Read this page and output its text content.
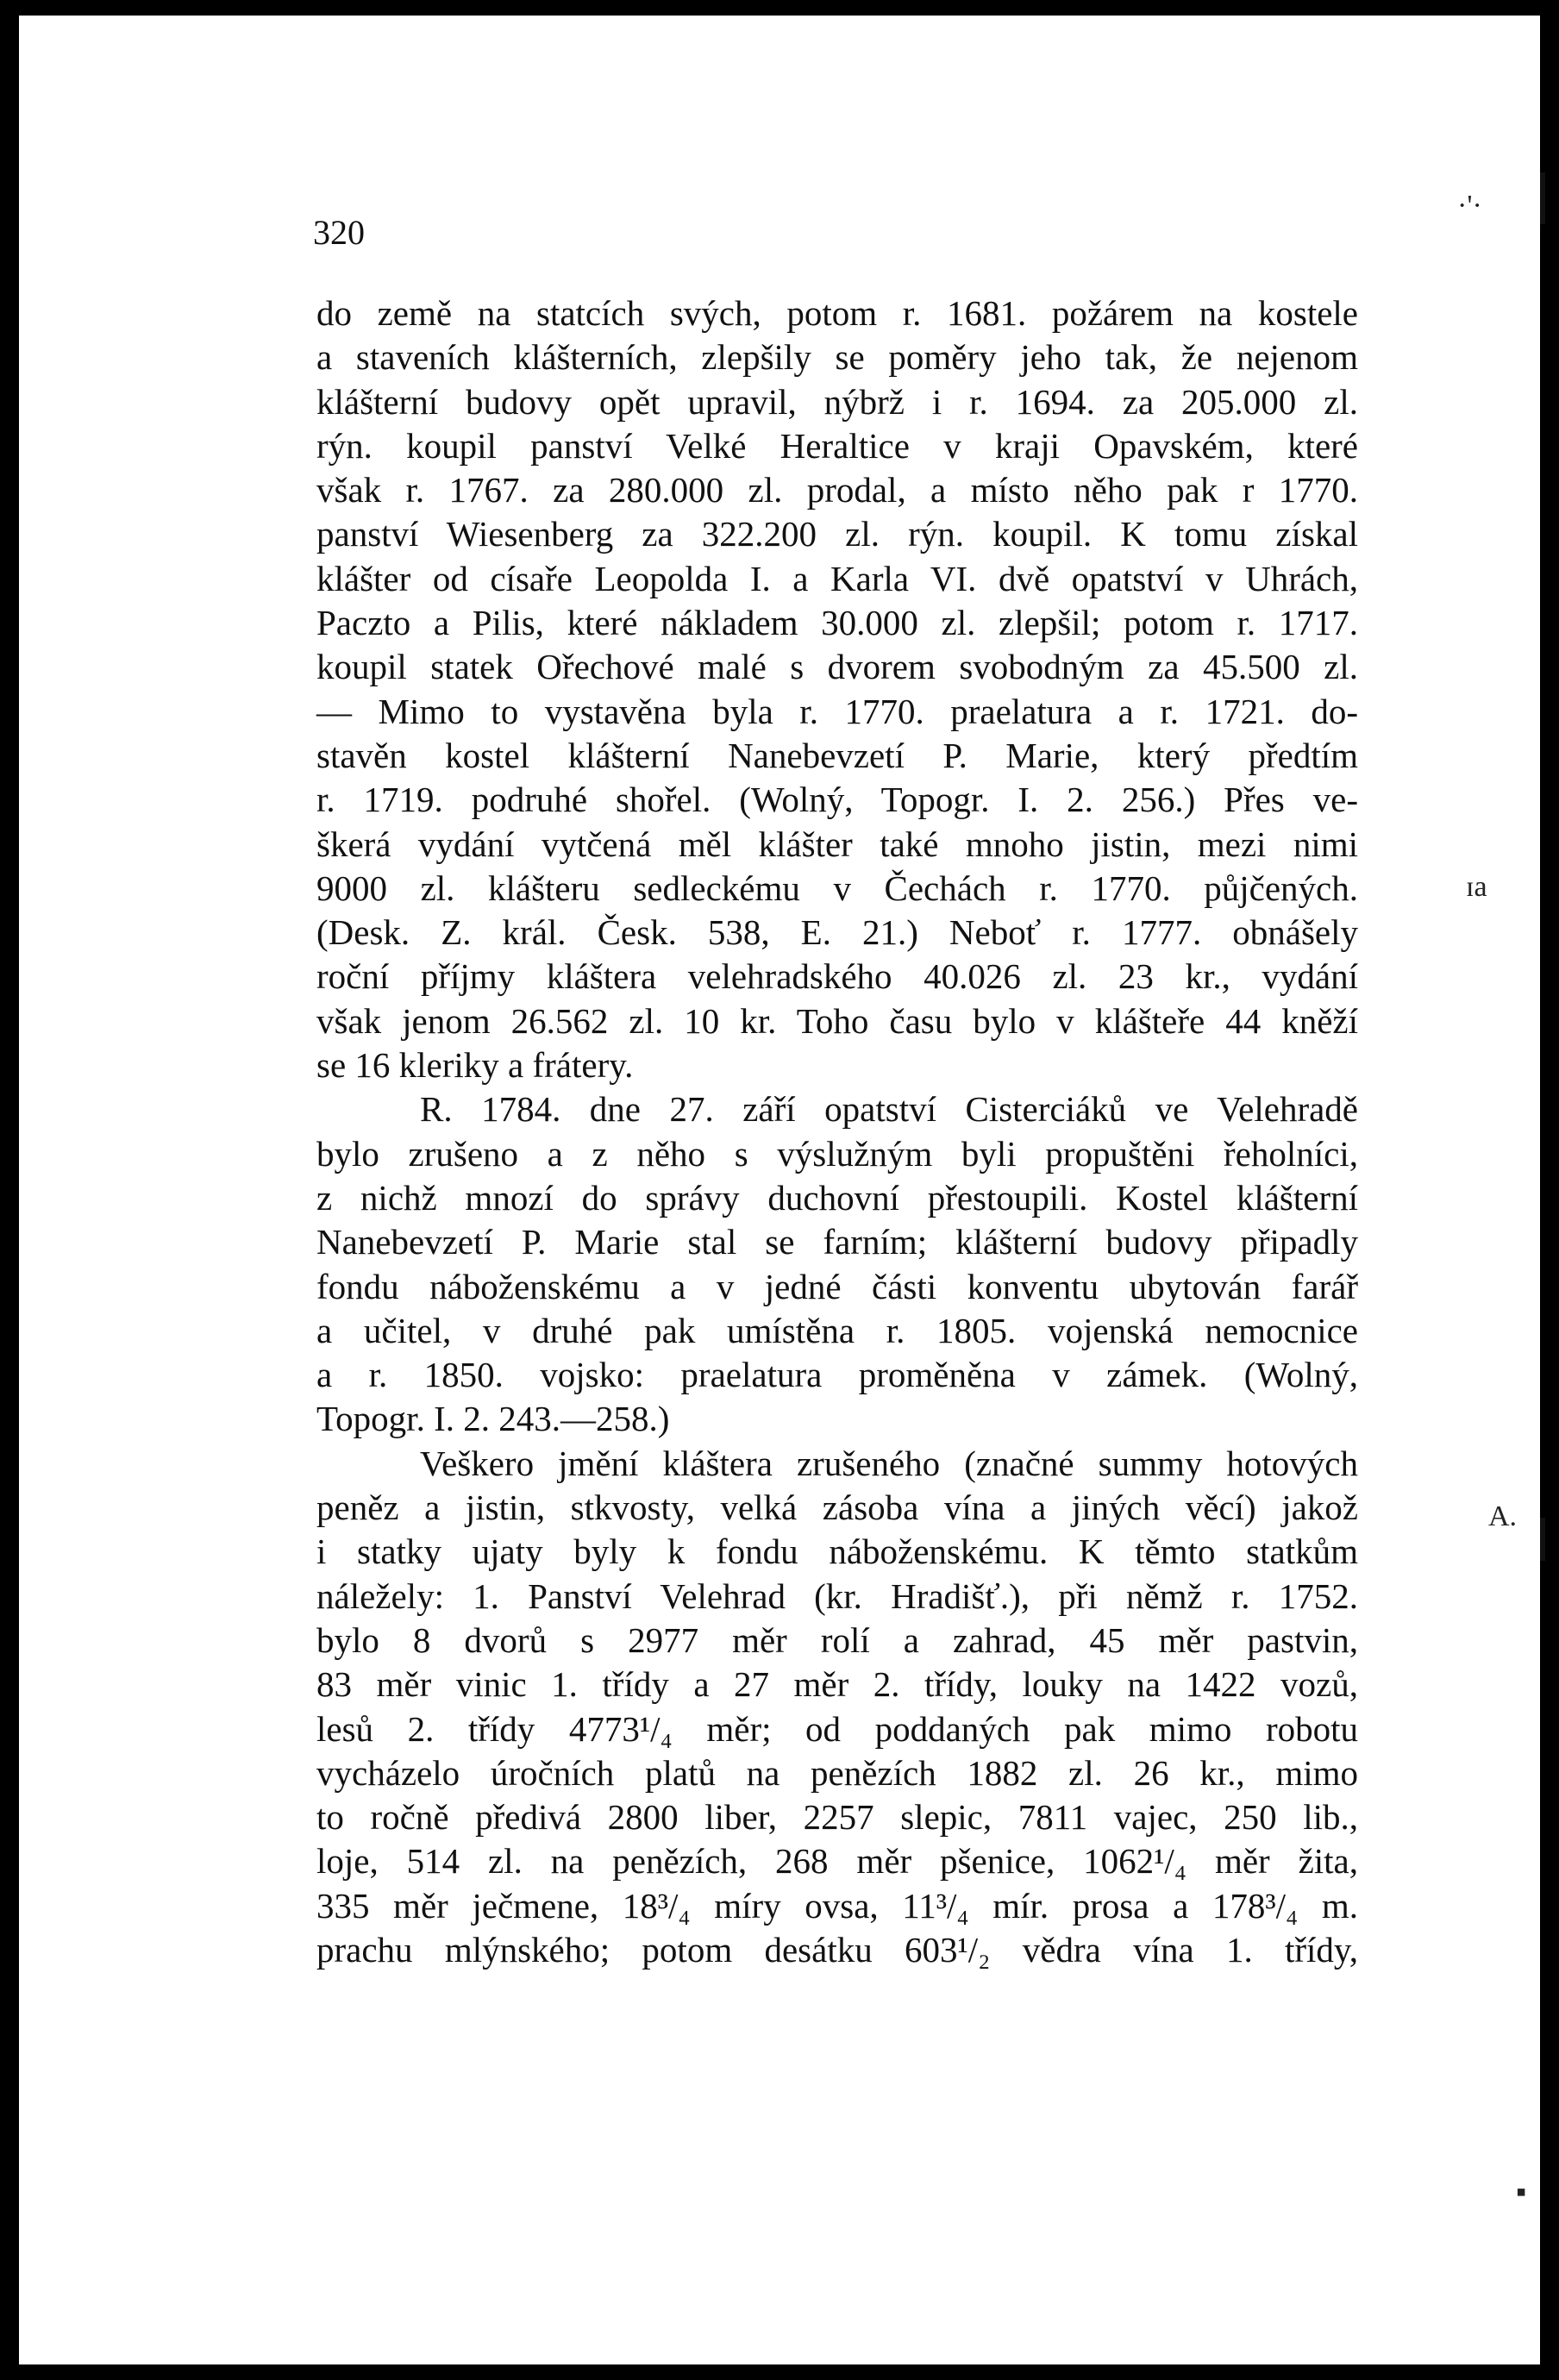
320
do země na statcích svých, potom r. 1681. požárem na kostele
a staveních klášterních, zlepšily se poměry jeho tak, že nejenom
klášterní budovy opět upravil, nýbrž i r. 1694. za 205.000 zl.
rýn. koupil panství Velké Heraltice v kraji Opavském, které
však r. 1767. za 280.000 zl. prodal, a místo něho pak r 1770.
panství Wiesenberg za 322.200 zl. rýn. koupil. K tomu získal
klášter od císaře Leopolda I. a Karla VI. dvě opatství v Uhrách,
Paczto a Pilis, které nákladem 30.000 zl. zlepšil; potom r. 1717.
koupil statek Ořechové malé s dvorem svobodným za 45.500 zl.
— Mimo to vystavěna byla r. 1770. praelatura a r. 1721. do-
stavěn kostel klášterní Nanebevzetí P. Marie, který předtím
r. 1719. podruhé shořel. (Wolný, Topogr. I. 2. 256.) Přes ve-
škerá vydání vytčená měl klášter také mnoho jistin, mezi nimi
9000 zl. klášteru sedleckému v Čechách r. 1770. půjčených.
(Desk. Z. král. Česk. 538, E. 21.) Neboť r. 1777. obnášely
roční příjmy kláštera velehradského 40.026 zl. 23 kr., vydání
však jenom 26.562 zl. 10 kr. Toho času bylo v klášteře 44 kněží
se 16 kleriky a frátery.
R. 1784. dne 27. září opatství Cisterciáků ve Velehradě
bylo zrušeno a z něho s výslužným byli propuštěni řeholníci,
z nichž mnozí do správy duchovní přestoupili. Kostel klášterní
Nanebevzetí P. Marie stal se farním; klášterní budovy připadly
fondu náboženskému a v jedné části konventu ubytován farář
a učitel, v druhé pak umístěna r. 1805. vojenská nemocnice
a r. 1850. vojsko: praelatura proměněna v zámek. (Wolný,
Topogr. I. 2. 243.—258.)
Veškero jmění kláštera zrušeného (značné summy hotových
peněz a jistin, stkvosty, velká zásoba vína a jiných věcí) jakož
i statky ujaty byly k fondu náboženskému. K těmto statkům
náležely: 1. Panství Velehrad (kr. Hradišť.), při němž r. 1752.
bylo 8 dvorů s 2977 měr rolí a zahrad, 45 měr pastvin,
83 měr vinic 1. třídy a 27 měr 2. třídy, louky na 1422 vozů,
lesů 2. třídy 4773¹/₄ měr; od poddaných pak mimo robotu
vycházelo úročních platů na penězích 1882 zl. 26 kr., mimo
to ročně předivá 2800 liber, 2257 slepic, 7811 vajec, 250 lib.,
loje, 514 zl. na penězích, 268 měr pšenice, 1062¹/₄ měr žita,
335 měr ječmene, 18³/₄ míry ovsa, 11³/₄ mír. prosa a 178³/₄ m.
prachu mlýnského; potom desátku 603¹/₂ vědra vína 1. třídy,
·'·
ɪa
A.
▪
